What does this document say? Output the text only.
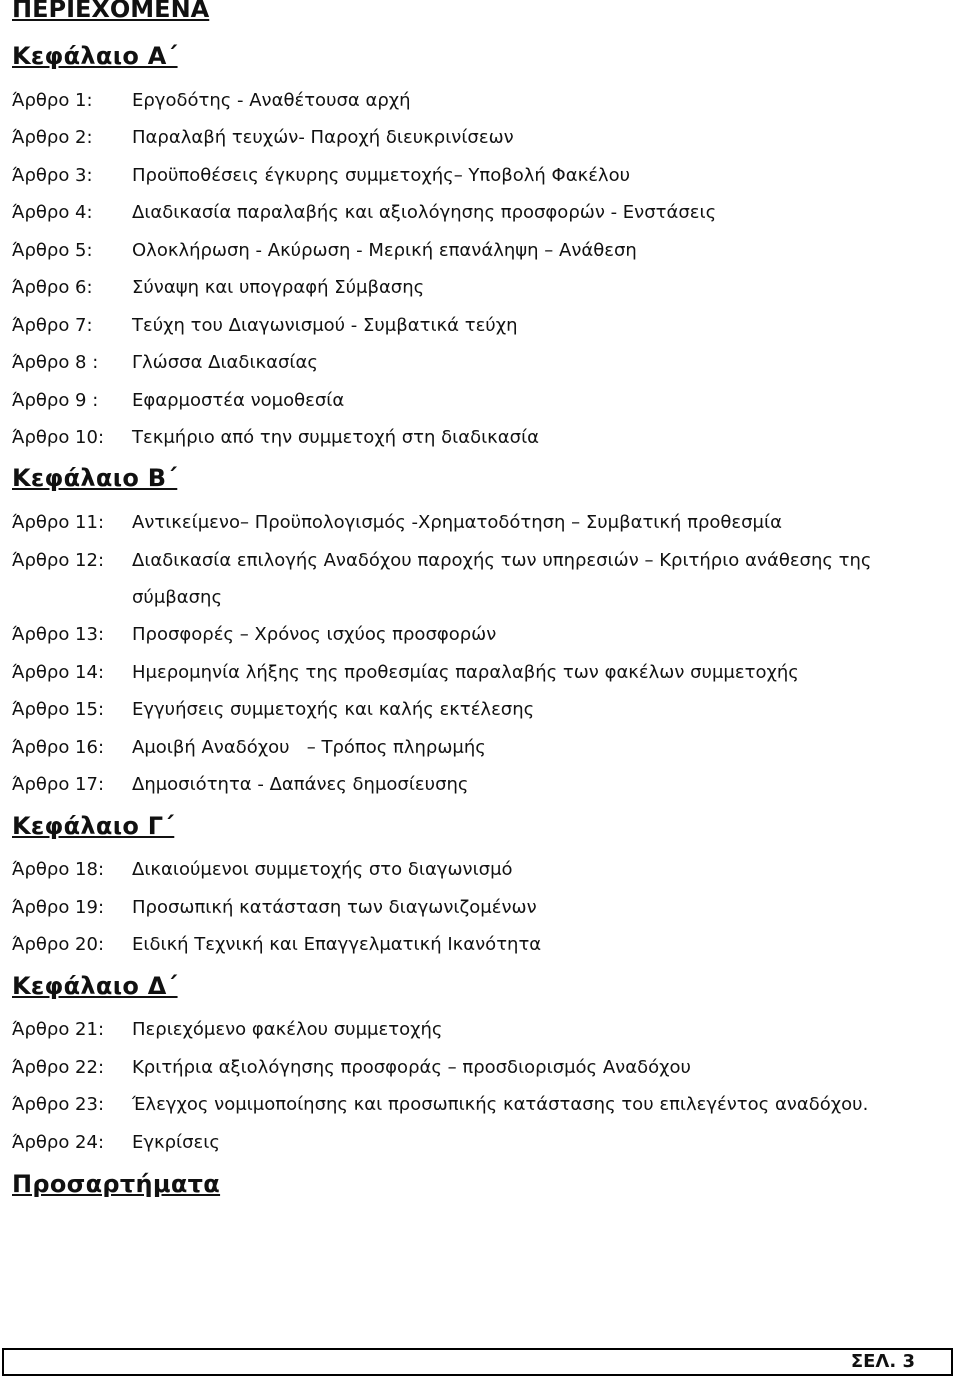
ΠΕΡΙΕΧΟΜΕΝΑ
Κεφάλαιο Α΄
Άρθρο 1:	Εργοδότης - Αναθέτουσα αρχή
Άρθρο 2:	Παραλαβή τευχών- Παροχή διευκρινίσεων
Άρθρο 3:	Προϋποθέσεις έγκυρης συμμετοχής– Υποβολή Φακέλου
Άρθρο 4:	Διαδικασία παραλαβής και αξιολόγησης προσφορών - Ενστάσεις
Άρθρο 5:	Ολοκλήρωση - Ακύρωση - Μερική επανάληψη – Ανάθεση
Άρθρο 6:	Σύναψη και υπογραφή Σύμβασης
Άρθρο 7:	Τεύχη του Διαγωνισμού - Συμβατικά τεύχη
Άρθρο 8 :	Γλώσσα Διαδικασίας
Άρθρο 9 :	Εφαρμοστέα νομοθεσία
Άρθρο 10:	Τεκμήριο από την συμμετοχή στη διαδικασία
Κεφάλαιο Β΄
Άρθρο 11:	Αντικείμενο– Προϋπολογισμός -Χρηματοδότηση – Συμβατική προθεσμία
Άρθρο 12:	Διαδικασία επιλογής Αναδόχου παροχής των υπηρεσιών – Κριτήριο ανάθεσης της
σύμβασης
Άρθρο 13:	Προσφορές – Χρόνος ισχύος προσφορών
Άρθρο 14:	Ημερομηνία λήξης της προθεσμίας παραλαβής των φακέλων συμμετοχής
Άρθρο 15:	Εγγυήσεις συμμετοχής και καλής εκτέλεσης
Άρθρο 16:	Αμοιβή Αναδόχου   – Τρόπος πληρωμής
Άρθρο 17:	Δημοσιότητα - Δαπάνες δημοσίευσης
Κεφάλαιο Γ΄
Άρθρο 18:	Δικαιούμενοι συμμετοχής στο διαγωνισμό
Άρθρο 19:	Προσωπική κατάσταση των διαγωνιζομένων
Άρθρο 20:	Ειδική Τεχνική και Επαγγελματική Ικανότητα
Κεφάλαιο Δ΄
Άρθρο 21:	Περιεχόμενο φακέλου συμμετοχής
Άρθρο 22:	Κριτήρια αξιολόγησης προσφοράς – προσδιορισμός Αναδόχου
Άρθρο 23:	Έλεγχος νομιμοποίησης και προσωπικής κατάστασης του επιλεγέντος αναδόχου.
Άρθρο 24:	Εγκρίσεις
Προσαρτήματα
ΣΕΛ. 3
